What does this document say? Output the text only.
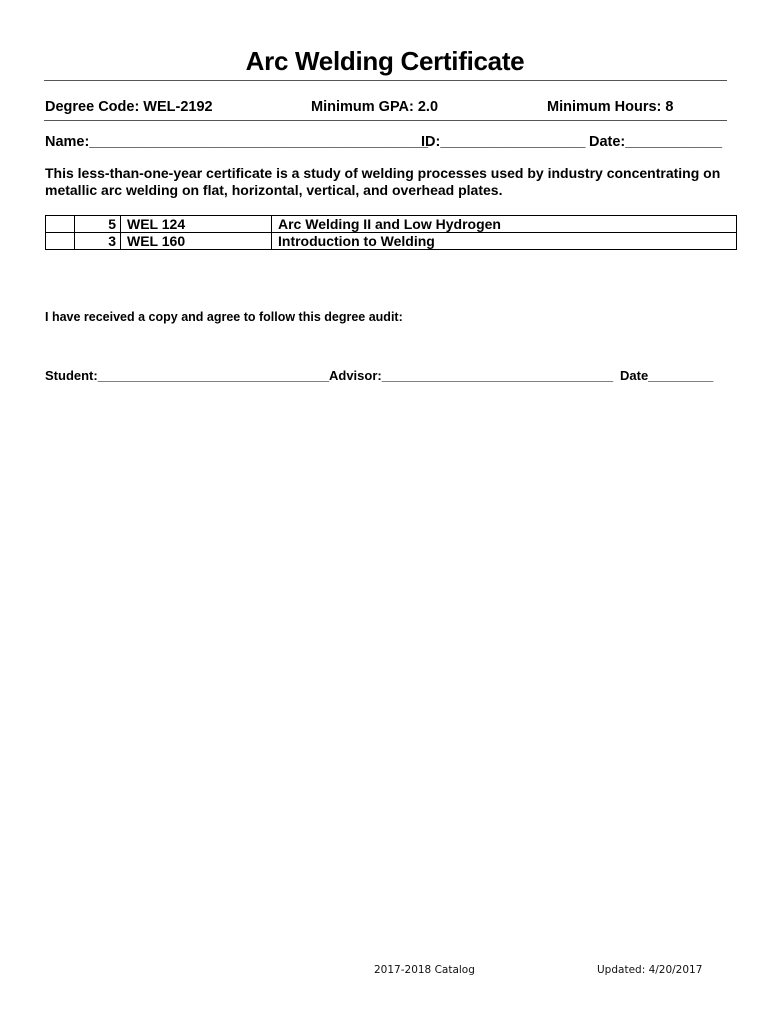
Arc Welding Certificate
Degree Code: WEL-2192	Minimum GPA: 2.0	Minimum Hours: 8
Name:__________________________________________
ID:__________________ Date:____________
This less-than-one-year certificate is a study of welding processes used by industry concentrating on metallic arc welding on flat, horizontal, vertical, and overhead plates.
	5	WEL 124	Arc Welding II and Low Hydrogen
	3	WEL 160	Introduction to Welding
I have received a copy and agree to follow this degree audit:
Student:________________________________ Advisor:________________________________ Date_________
2017-2018 Catalog	Updated: 4/20/2017
